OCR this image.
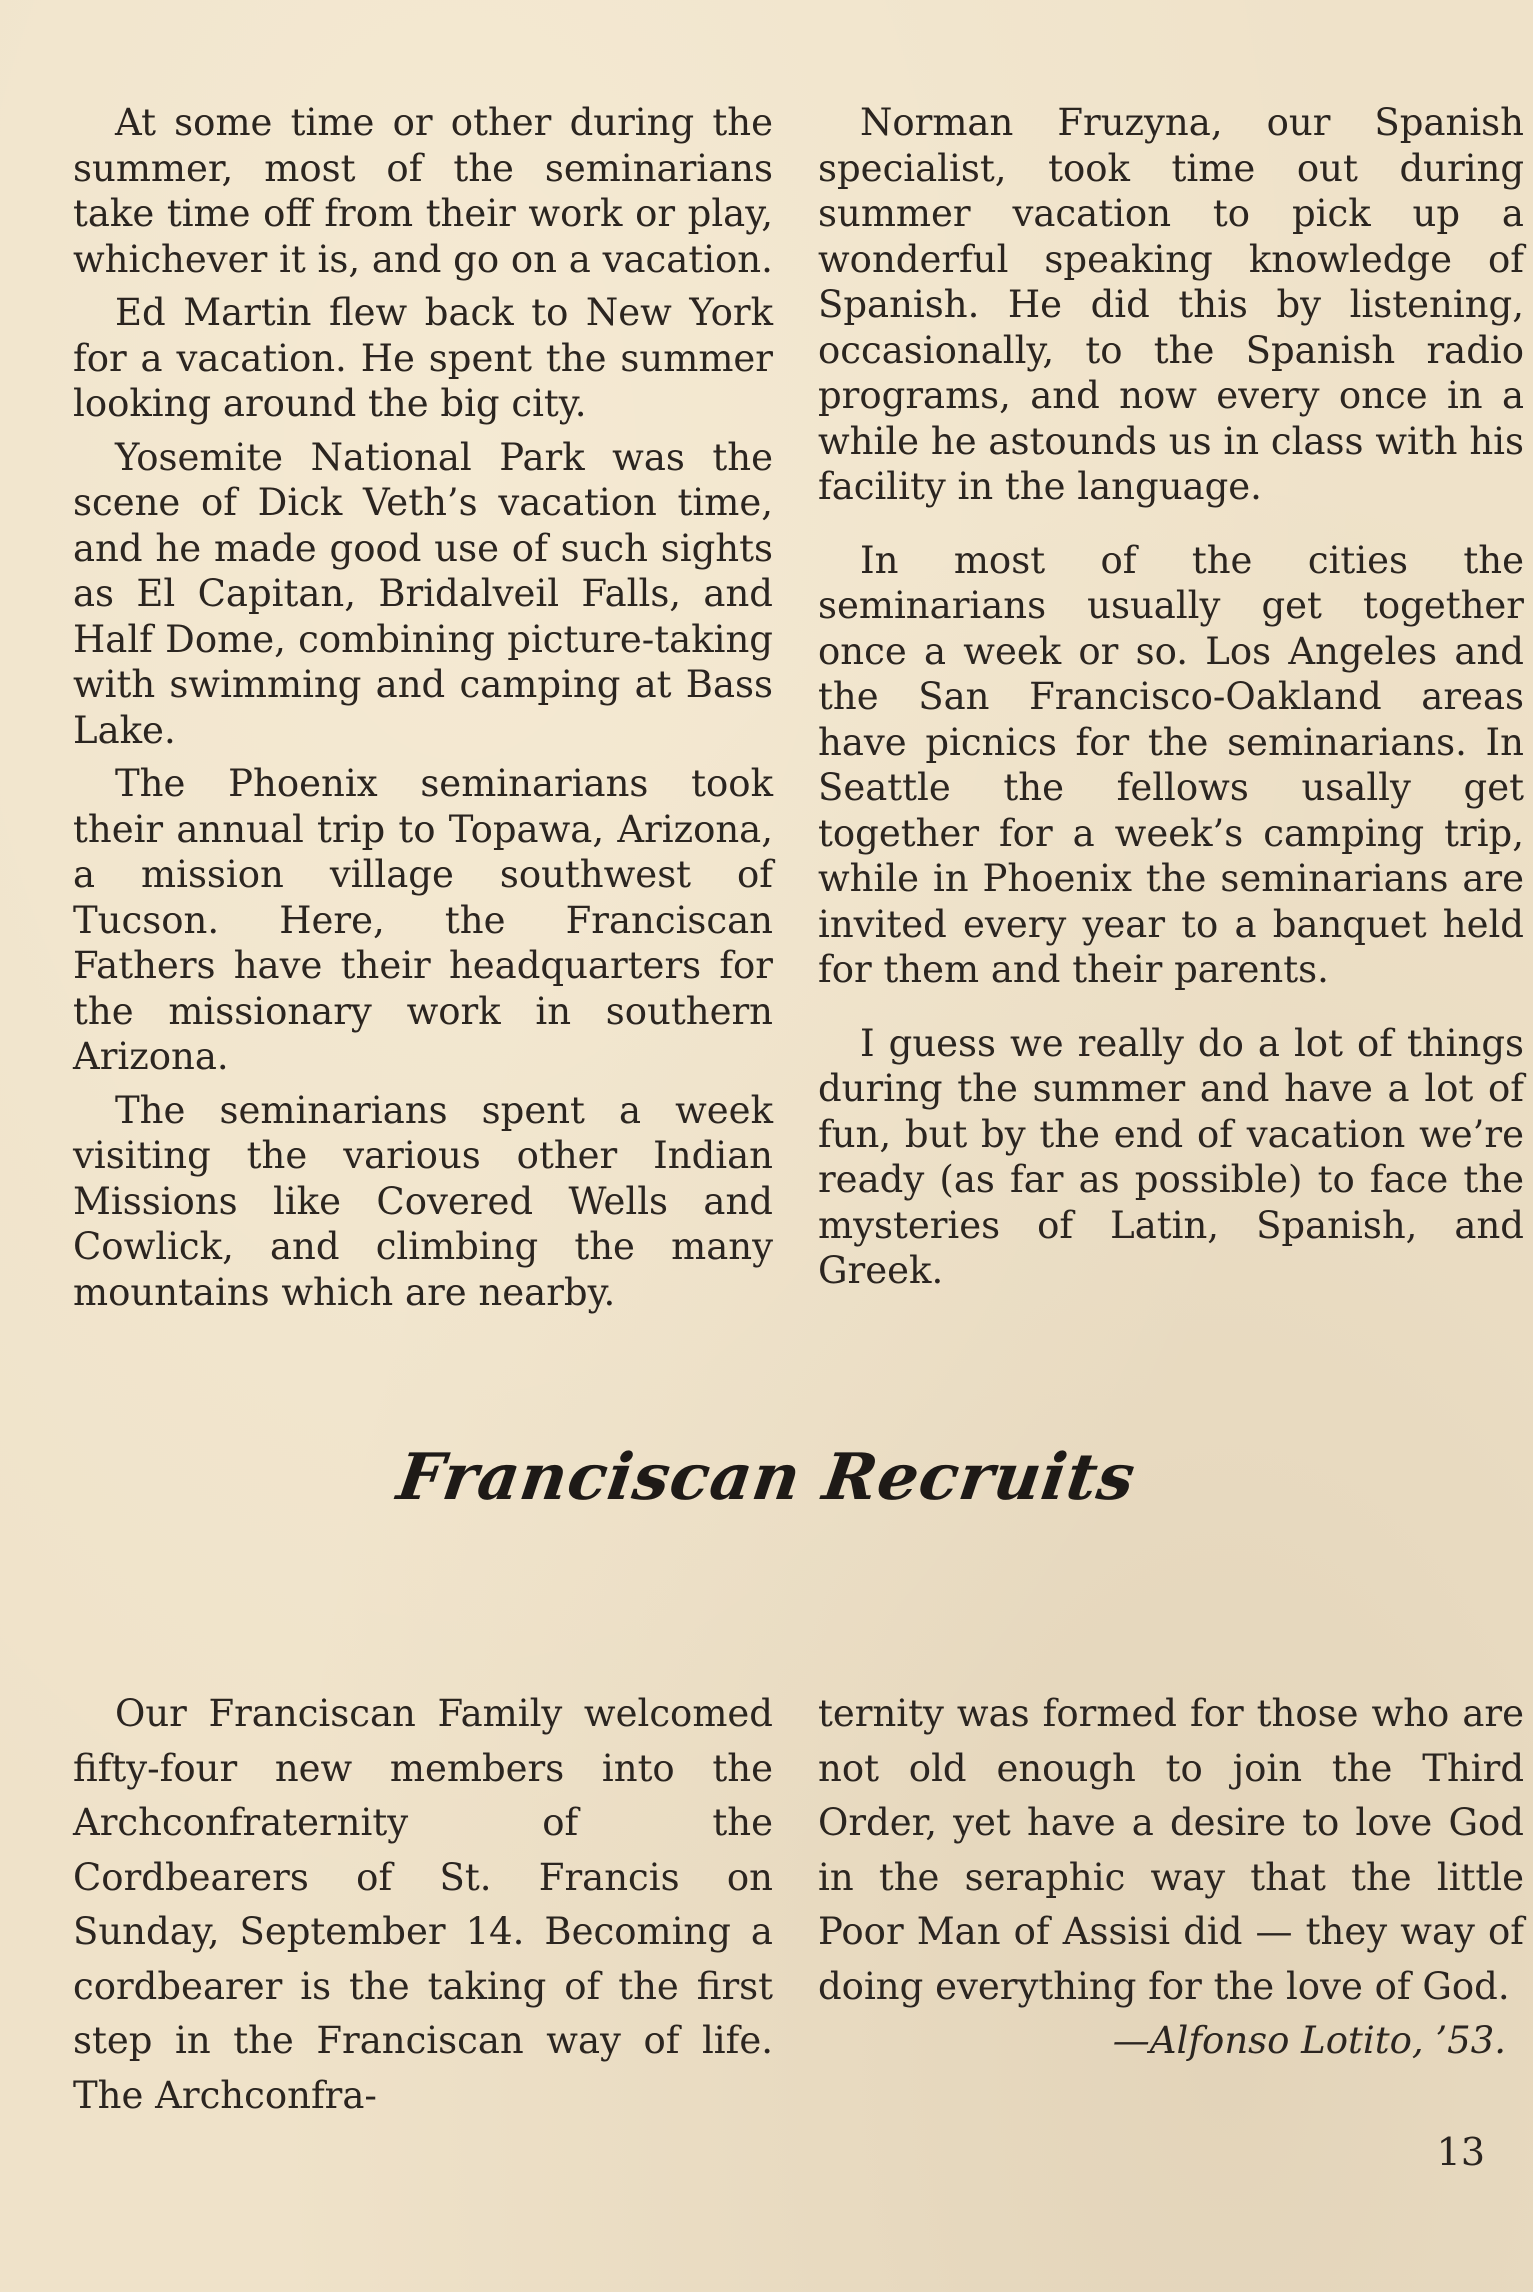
At some time or other during the summer, most of the seminarians take time off from their work or play, whichever it is, and go on a vacation.

Ed Martin flew back to New York for a vacation. He spent the summer looking around the big city.

Yosemite National Park was the scene of Dick Veth’s vacation time, and he made good use of such sights as El Capitan, Bridalveil Falls, and Half Dome, combining picture-taking with swimming and camping at Bass Lake.

The Phoenix seminarians took their annual trip to Topawa, Arizona, a mission village southwest of Tucson. Here, the Franciscan Fathers have their headquarters for the missionary work in southern Arizona.

The seminarians spent a week visiting the various other Indian Missions like Covered Wells and Cowlick, and climbing the many mountains which are nearby.

Norman Fruzyna, our Spanish specialist, took time out during summer vacation to pick up a wonderful speaking knowledge of Spanish. He did this by listening, occasionally, to the Spanish radio programs, and now every once in a while he astounds us in class with his facility in the language.

In most of the cities the seminarians usually get together once a week or so. Los Angeles and the San Francisco-Oakland areas have picnics for the seminarians. In Seattle the fellows usally get together for a week’s camping trip, while in Phoenix the seminarians are invited every year to a banquet held for them and their parents.

I guess we really do a lot of things during the summer and have a lot of fun, but by the end of vacation we’re ready (as far as possible) to face the mysteries of Latin, Spanish, and Greek.

Franciscan Recruits

Our Franciscan Family welcomed fifty-four new members into the Archconfraternity of the Cordbearers of St. Francis on Sunday, September 14. Becoming a cordbearer is the taking of the first step in the Franciscan way of life. The Archconfra-

ternity was formed for those who are not old enough to join the Third Order, yet have a desire to love God in the seraphic way that the little Poor Man of Assisi did — they way of doing everything for the love of God.

—Alfonso Lotito, ’53.

13
